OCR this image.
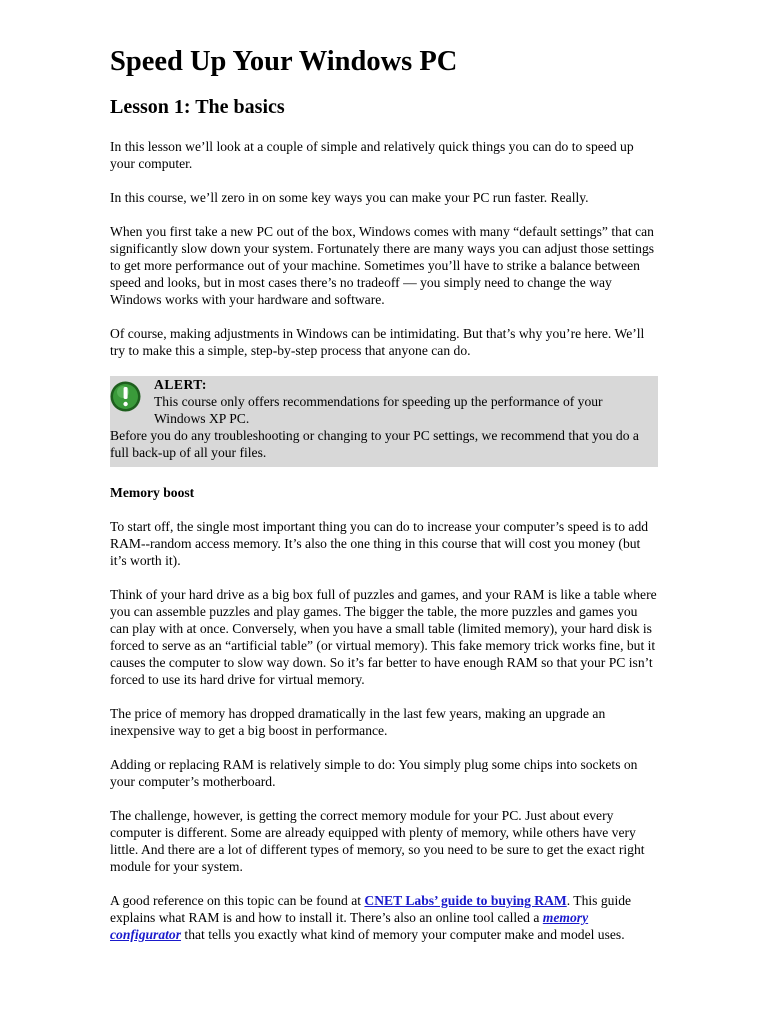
Speed Up Your Windows PC
Lesson 1: The basics

In this lesson we’ll look at a couple of simple and relatively quick things you can do to speed up your computer.

In this course, we’ll zero in on some key ways you can make your PC run faster. Really.

When you first take a new PC out of the box, Windows comes with many “default settings” that can significantly slow down your system. Fortunately there are many ways you can adjust those settings to get more performance out of your machine. Sometimes you’ll have to strike a balance between speed and looks, but in most cases there’s no tradeoff — you simply need to change the way Windows works with your hardware and software.

Of course, making adjustments in Windows can be intimidating. But that’s why you’re here. We’ll try to make this a simple, step-by-step process that anyone can do.

ALERT:
This course only offers recommendations for speeding up the performance of your Windows XP PC.
Before you do any troubleshooting or changing to your PC settings, we recommend that you do a full back-up of all your files.
Memory boost

To start off, the single most important thing you can do to increase your computer’s speed is to add RAM--random access memory. It’s also the one thing in this course that will cost you money (but it’s worth it).

Think of your hard drive as a big box full of puzzles and games, and your RAM is like a table where you can assemble puzzles and play games. The bigger the table, the more puzzles and games you can play with at once. Conversely, when you have a small table (limited memory), your hard disk is forced to serve as an “artificial table” (or virtual memory). This fake memory trick works fine, but it causes the computer to slow way down. So it’s far better to have enough RAM so that your PC isn’t forced to use its hard drive for virtual memory.

The price of memory has dropped dramatically in the last few years, making an upgrade an inexpensive way to get a big boost in performance.

Adding or replacing RAM is relatively simple to do: You simply plug some chips into sockets on your computer’s motherboard.

The challenge, however, is getting the correct memory module for your PC. Just about every computer is different. Some are already equipped with plenty of memory, while others have very little. And there are a lot of different types of memory, so you need to be sure to get the exact right module for your system.

A good reference on this topic can be found at CNET Labs’ guide to buying RAM. This guide explains what RAM is and how to install it. There’s also an online tool called a memory configurator that tells you exactly what kind of memory your computer make and model uses.
